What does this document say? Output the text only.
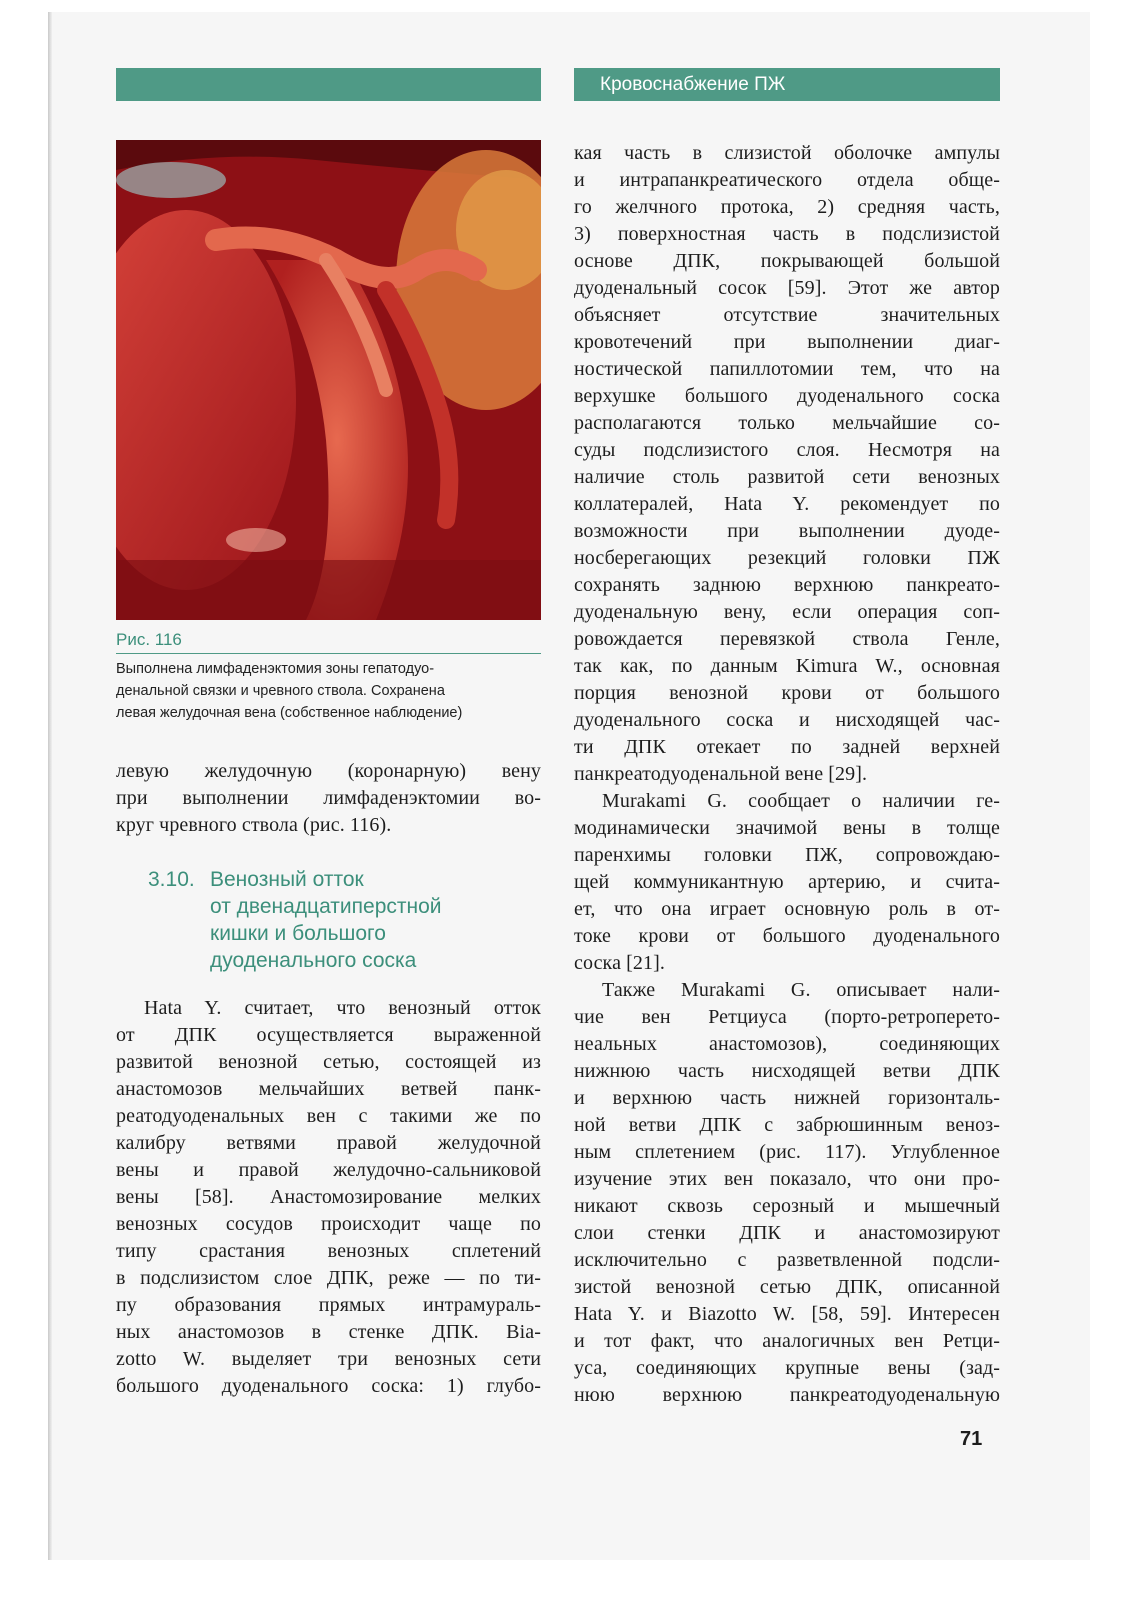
Кровоснабжение ПЖ
Рис. 116
Выполнена лимфаденэктомия зоны гепатодуо-
денальной связки и чревного ствола. Сохранена
левая желудочная вена (собственное наблюдение)
левую желудочную (коронарную) вену
при выполнении лимфаденэктомии во-
круг чревного ствола (рис. 116).
3.10. Венозный отток
от двенадцатиперстной
кишки и большого
дуоденального соска
Hata Y. считает, что венозный отток
от ДПК осуществляется выраженной
развитой венозной сетью, состоящей из
анастомозов мельчайших ветвей панк-
реатодуоденальных вен с такими же по
калибру ветвями правой желудочной
вены и правой желудочно-сальниковой
вены [58]. Анастомозирование мелких
венозных сосудов происходит чаще по
типу срастания венозных сплетений
в подслизистом слое ДПК, реже — по ти-
пу образования прямых интрамураль-
ных анастомозов в стенке ДПК. Bia-
zotto W. выделяет три венозных сети
большого дуоденального соска: 1) глубо-
кая часть в слизистой оболочке ампулы
и интрапанкреатического отдела обще-
го желчного протока, 2) средняя часть,
3) поверхностная часть в подслизистой
основе ДПК, покрывающей большой
дуоденальный сосок [59]. Этот же автор
объясняет отсутствие значительных
кровотечений при выполнении диаг-
ностической папиллотомии тем, что на
верхушке большого дуоденального соска
располагаются только мельчайшие со-
суды подслизистого слоя. Несмотря на
наличие столь развитой сети венозных
коллатералей, Hata Y. рекомендует по
возможности при выполнении дуоде-
носберегающих резекций головки ПЖ
сохранять заднюю верхнюю панкреато-
дуоденальную вену, если операция соп-
ровождается перевязкой ствола Генле,
так как, по данным Kimura W., основная
порция венозной крови от большого
дуоденального соска и нисходящей час-
ти ДПК отекает по задней верхней
панкреатодуоденальной вене [29].
Murakami G. сообщает о наличии ге-
модинамически значимой вены в толще
паренхимы головки ПЖ, сопровождаю-
щей коммуникантную артерию, и счита-
ет, что она играет основную роль в от-
токе крови от большого дуоденального
соска [21].
Также Murakami G. описывает нали-
чие вен Ретциуса (порто-ретроперето-
неальных анастомозов), соединяющих
нижнюю часть нисходящей ветви ДПК
и верхнюю часть нижней горизонталь-
ной ветви ДПК с забрюшинным веноз-
ным сплетением (рис. 117). Углубленное
изучение этих вен показало, что они про-
никают сквозь серозный и мышечный
слои стенки ДПК и анастомозируют
исключительно с разветвленной подсли-
зистой венозной сетью ДПК, описанной
Hata Y. и Biazotto W. [58, 59]. Интересен
и тот факт, что аналогичных вен Ретци-
уса, соединяющих крупные вены (зад-
нюю верхнюю панкреатодуоденальную
71
